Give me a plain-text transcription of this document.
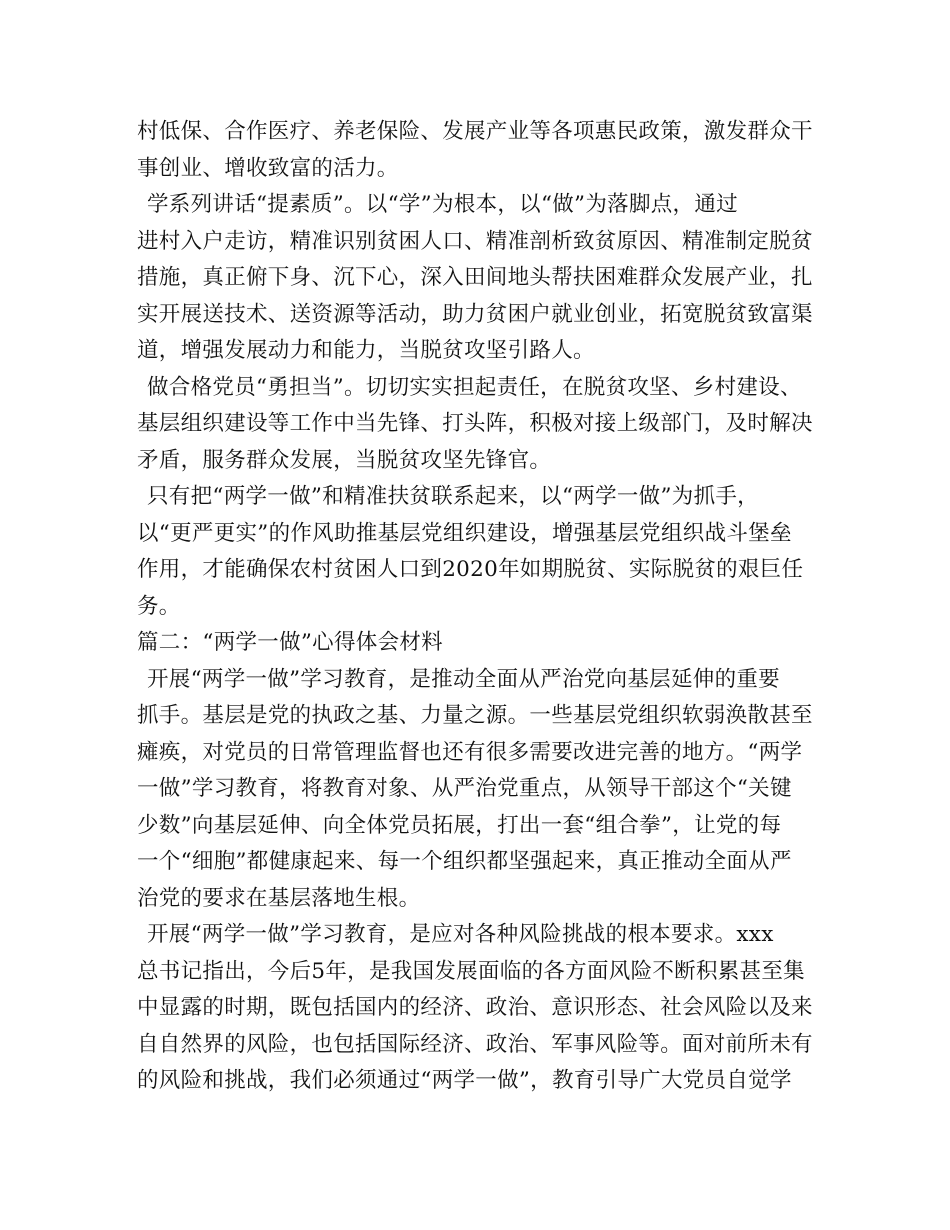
村低保、合作医疗、养老保险、发展产业等各项惠民政策，激发群众干
事创业、增收致富的活力。
学系列讲话“提素质”。以“学”为根本，以“做”为落脚点，通过
进村入户走访，精准识别贫困人口、精准剖析致贫原因、精准制定脱贫
措施，真正俯下身、沉下心，深入田间地头帮扶困难群众发展产业，扎
实开展送技术、送资源等活动，助力贫困户就业创业，拓宽脱贫致富渠
道，增强发展动力和能力，当脱贫攻坚引路人。
做合格党员“勇担当”。切切实实担起责任，在脱贫攻坚、乡村建设、
基层组织建设等工作中当先锋、打头阵，积极对接上级部门，及时解决
矛盾，服务群众发展，当脱贫攻坚先锋官。
只有把“两学一做”和精准扶贫联系起来，以“两学一做”为抓手，
以“更严更实”的作风助推基层党组织建设，增强基层党组织战斗堡垒
作用，才能确保农村贫困人口到2020年如期脱贫、实际脱贫的艰巨任
务。
篇二：“两学一做”心得体会材料
开展“两学一做”学习教育，是推动全面从严治党向基层延伸的重要
抓手。基层是党的执政之基、力量之源。一些基层党组织软弱涣散甚至
瘫痪，对党员的日常管理监督也还有很多需要改进完善的地方。“两学
一做”学习教育，将教育对象、从严治党重点，从领导干部这个“关键
少数”向基层延伸、向全体党员拓展，打出一套“组合拳”，让党的每
一个“细胞”都健康起来、每一个组织都坚强起来，真正推动全面从严
治党的要求在基层落地生根。
开展“两学一做”学习教育，是应对各种风险挑战的根本要求。xxx
总书记指出，今后5年，是我国发展面临的各方面风险不断积累甚至集
中显露的时期，既包括国内的经济、政治、意识形态、社会风险以及来
自自然界的风险，也包括国际经济、政治、军事风险等。面对前所未有
的风险和挑战，我们必须通过“两学一做”，教育引导广大党员自觉学
